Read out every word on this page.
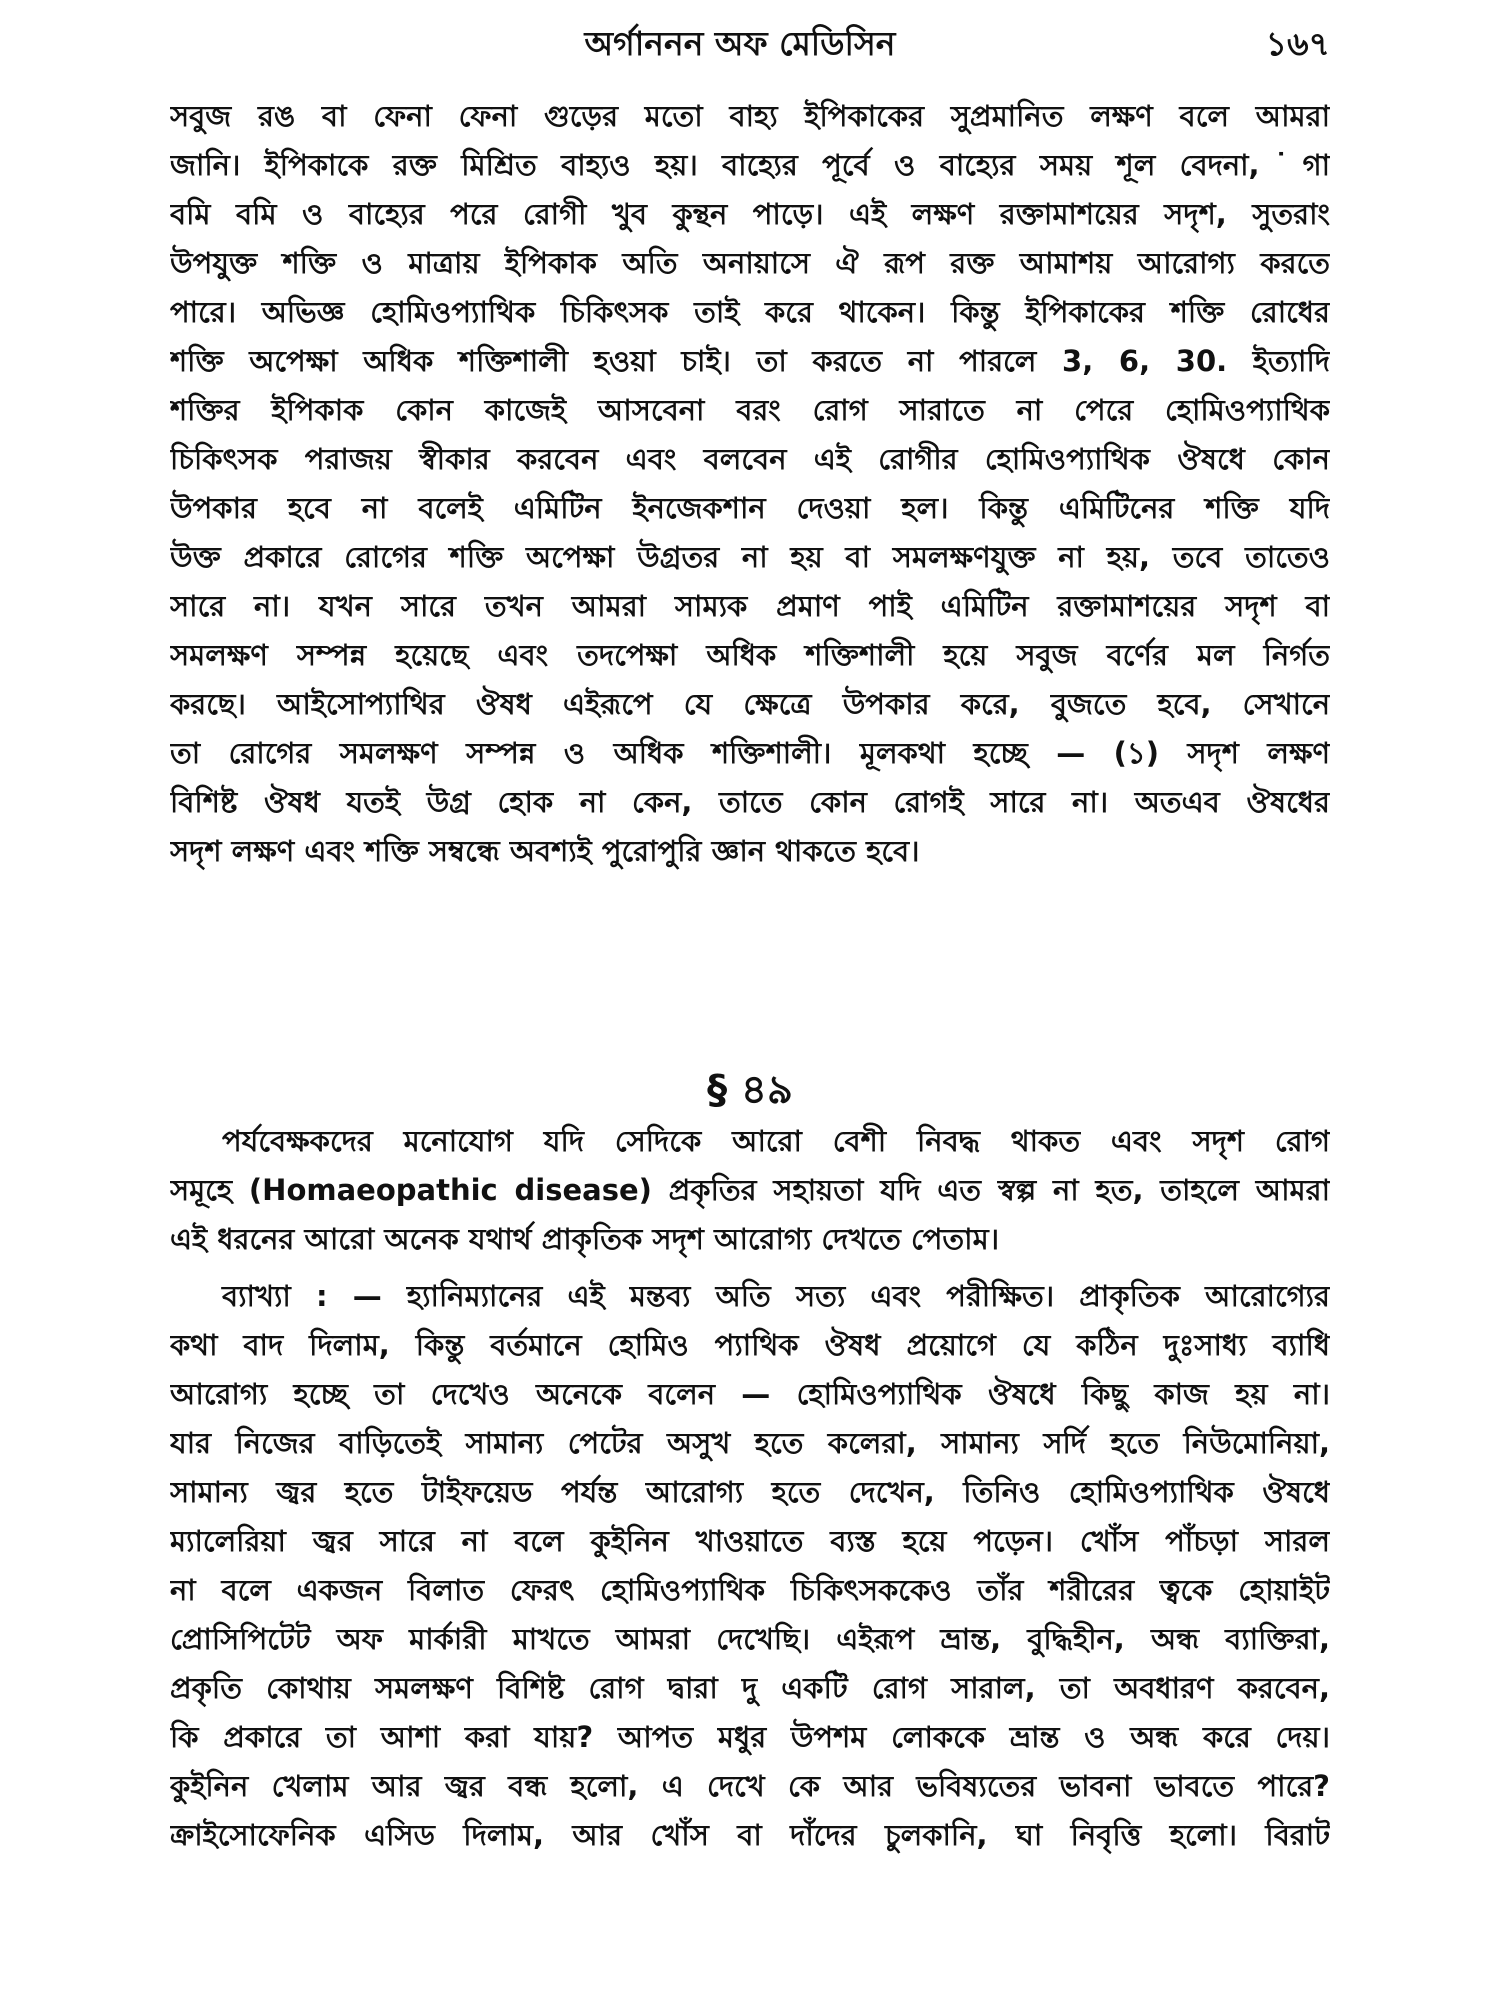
অর্গাননন অফ মেডিসিন	১৬৭
সবুজ রঙ বা ফেনা ফেনা গুড়ের মতো বাহ্য ইপিকাকের সুপ্রমানিত লক্ষণ বলে আমরা
জানি। ইপিকাকে রক্ত মিশ্রিত বাহ্যও হয়। বাহ্যের পূর্বে ও বাহ্যের সময় শূল বেদনা,˙গা
বমি বমি ও বাহ্যের পরে রোগী খুব কুন্থন পাড়ে। এই লক্ষণ রক্তামাশয়ের সদৃশ, সুতরাং
উপযুক্ত শক্তি ও মাত্রায় ইপিকাক অতি অনায়াসে ঐ রূপ রক্ত আমাশয় আরোগ্য করতে
পারে। অভিজ্ঞ হোমিওপ্যাথিক চিকিৎসক তাই করে থাকেন। কিন্তু ইপিকাকের শক্তি রোধের
শক্তি অপেক্ষা অধিক শক্তিশালী হওয়া চাই। তা করতে না পারলে 3, 6, 30. ইত্যাদি
শক্তির ইপিকাক কোন কাজেই আসবেনা বরং রোগ সারাতে না পেরে হোমিওপ্যাথিক
চিকিৎসক পরাজয় স্বীকার করবেন এবং বলবেন এই রোগীর হোমিওপ্যাথিক ঔষধে কোন
উপকার হবে না বলেই এমিটিন ইনজেকশান দেওয়া হল। কিন্তু এমিটিনের শক্তি যদি
উক্ত প্রকারে রোগের শক্তি অপেক্ষা উগ্রতর না হয় বা সমলক্ষণযুক্ত না হয়, তবে তাতেও
সারে না। যখন সারে তখন আমরা সাম্যক প্রমাণ পাই এমিটিন রক্তামাশয়ের সদৃশ বা
সমলক্ষণ সম্পন্ন হয়েছে এবং তদপেক্ষা অধিক শক্তিশালী হয়ে সবুজ বর্ণের মল নির্গত
করছে। আইসোপ্যাথির ঔষধ এইরূপে যে ক্ষেত্রে উপকার করে, বুজতে হবে, সেখানে
তা রোগের সমলক্ষণ সম্পন্ন ও অধিক শক্তিশালী। মূলকথা হচ্ছে — (১) সদৃশ লক্ষণ
বিশিষ্ট ঔষধ যতই উগ্র হোক না কেন, তাতে কোন রোগই সারে না। অতএব ঔষধের
সদৃশ লক্ষণ এবং শক্তি সম্বন্ধে অবশ্যই পুরোপুরি জ্ঞান থাকতে হবে।
§ ৪৯
পর্যবেক্ষকদের মনোযোগ যদি সেদিকে আরো বেশী নিবদ্ধ থাকত এবং সদৃশ রোগ
সমূহে (Homaeopathic disease) প্রকৃতির সহায়তা যদি এত স্বল্প না হত, তাহলে আমরা
এই ধরনের আরো অনেক যথার্থ প্রাকৃতিক সদৃশ আরোগ্য দেখতে পেতাম।
ব্যাখ্যা : — হ্যানিম্যানের এই মন্তব্য অতি সত্য এবং পরীক্ষিত। প্রাকৃতিক আরোগ্যের
কথা বাদ দিলাম, কিন্তু বর্তমানে হোমিও প্যাথিক ঔষধ প্রয়োগে যে কঠিন দুঃসাধ্য ব্যাধি
আরোগ্য হচ্ছে তা দেখেও অনেকে বলেন — হোমিওপ্যাথিক ঔষধে কিছু কাজ হয় না।
যার নিজের বাড়িতেই সামান্য পেটের অসুখ হতে কলেরা, সামান্য সর্দি হতে নিউমোনিয়া,
সামান্য জ্বর হতে টাইফয়েড পর্যন্ত আরোগ্য হতে দেখেন, তিনিও হোমিওপ্যাথিক ঔষধে
ম্যালেরিয়া জ্বর সারে না বলে কুইনিন খাওয়াতে ব্যস্ত হয়ে পড়েন। খোঁস পাঁচড়া সারল
না বলে একজন বিলাত ফেরৎ হোমিওপ্যাথিক চিকিৎসককেও তাঁর শরীরের ত্বকে হোয়াইট
প্রোসিপিটেট অফ মার্কারী মাখতে আমরা দেখেছি। এইরূপ ভ্রান্ত, বুদ্ধিহীন, অন্ধ ব্যাক্তিরা,
প্রকৃতি কোথায় সমলক্ষণ বিশিষ্ট রোগ দ্বারা দু একটি রোগ সারাল, তা অবধারণ করবেন,
কি প্রকারে তা আশা করা যায়? আপত মধুর উপশম লোককে ভ্রান্ত ও অন্ধ করে দেয়।
কুইনিন খেলাম আর জ্বর বন্ধ হলো, এ দেখে কে আর ভবিষ্যতের ভাবনা ভাবতে পারে?
ক্রাইসোফেনিক এসিড দিলাম, আর খোঁস বা দাঁদের চুলকানি, ঘা নিবৃত্তি হলো। বিরাট
